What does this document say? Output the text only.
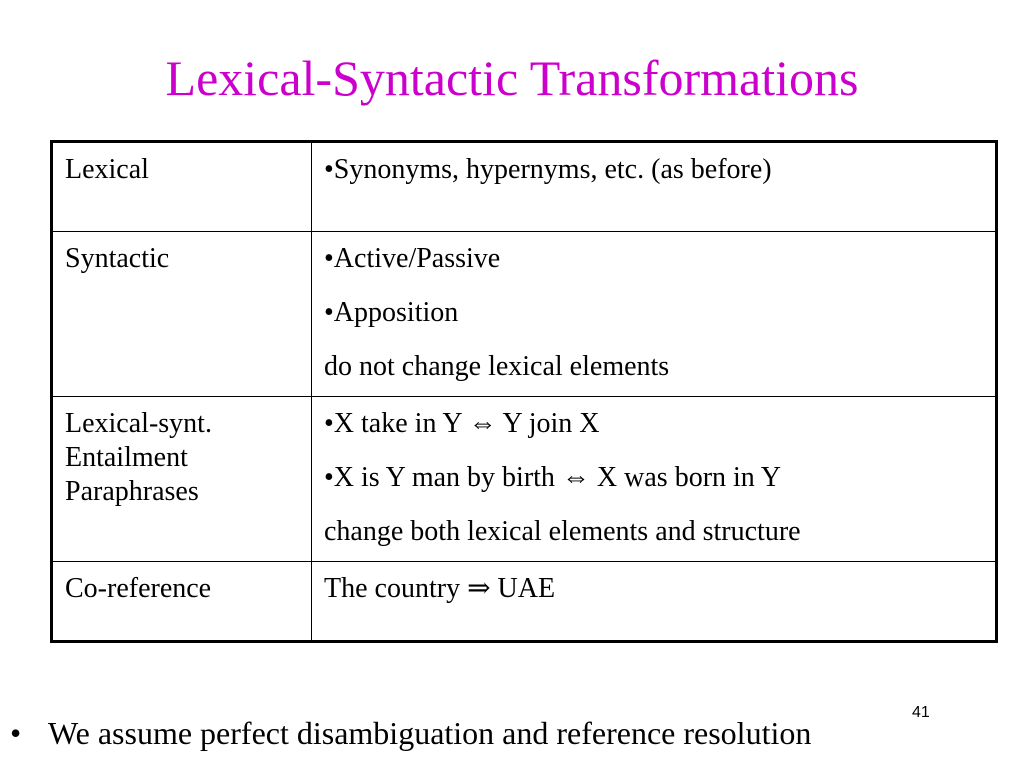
Lexical-Syntactic Transformations
Lexical	•Synonyms, hypernyms, etc. (as before)

Syntactic	•Active/Passive
•Apposition
do not change lexical elements

Lexical-synt.
Entailment
Paraphrases	•X take in Y ⇔ Y join X
•X is Y man by birth ⇔ X was born in Y
change both lexical elements and structure

Co-reference	The country ⇒ UAE
41
• We assume perfect disambiguation and reference resolution
